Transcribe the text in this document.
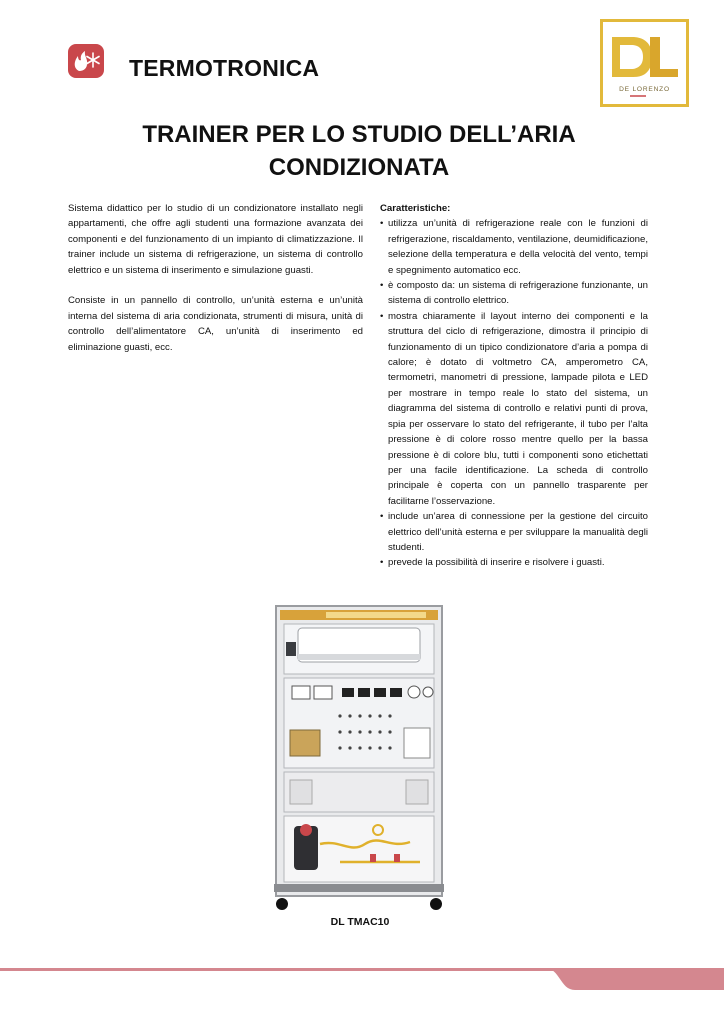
TERMOTRONICA
DE LORENZO
TRAINER PER LO STUDIO DELL’ARIA CONDIZIONATA

Sistema didattico per lo studio di un condizionatore installato negli appartamenti, che offre agli studenti una formazione avanzata dei componenti e del funzionamento di un impianto di climatizzazione. Il trainer include un sistema di refrigerazione, un sistema di controllo elettrico e un sistema di inserimento e simulazione guasti.

Consiste in un pannello di controllo, un’unità esterna e un’unità interna del sistema di aria condizionata, strumenti di misura, unità di controllo dell’alimentatore CA, un’unità di inserimento ed eliminazione guasti, ecc.

Caratteristiche:

• utilizza un’unità di refrigerazione reale con le funzioni di refrigerazione, riscaldamento, ventilazione, deumidificazione, selezione della temperatura e della velocità del vento, tempi e spegnimento automatico ecc.
• è composto da: un sistema di refrigerazione funzionante, un sistema di controllo elettrico.
• mostra chiaramente il layout interno dei componenti e la struttura del ciclo di refrigerazione, dimostra il principio di funzionamento di un tipico condizionatore d’aria a pompa di calore; è dotato di voltmetro CA, amperometro CA, termometri, manometri di pressione, lampade pilota e LED per mostrare in tempo reale lo stato del sistema, un diagramma del sistema di controllo e relativi punti di prova, spia per osservare lo stato del refrigerante, il tubo per l’alta pressione è di colore rosso mentre quello per la bassa pressione è di colore blu, tutti i componenti sono etichettati per una facile identificazione. La scheda di controllo principale è coperta con un pannello trasparente per facilitarne l’osservazione.
• include un’area di connessione per la gestione del circuito elettrico dell’unità esterna e per sviluppare la manualità degli studenti.
• prevede la possibilità di inserire e risolvere i guasti.
DL TMAC10
